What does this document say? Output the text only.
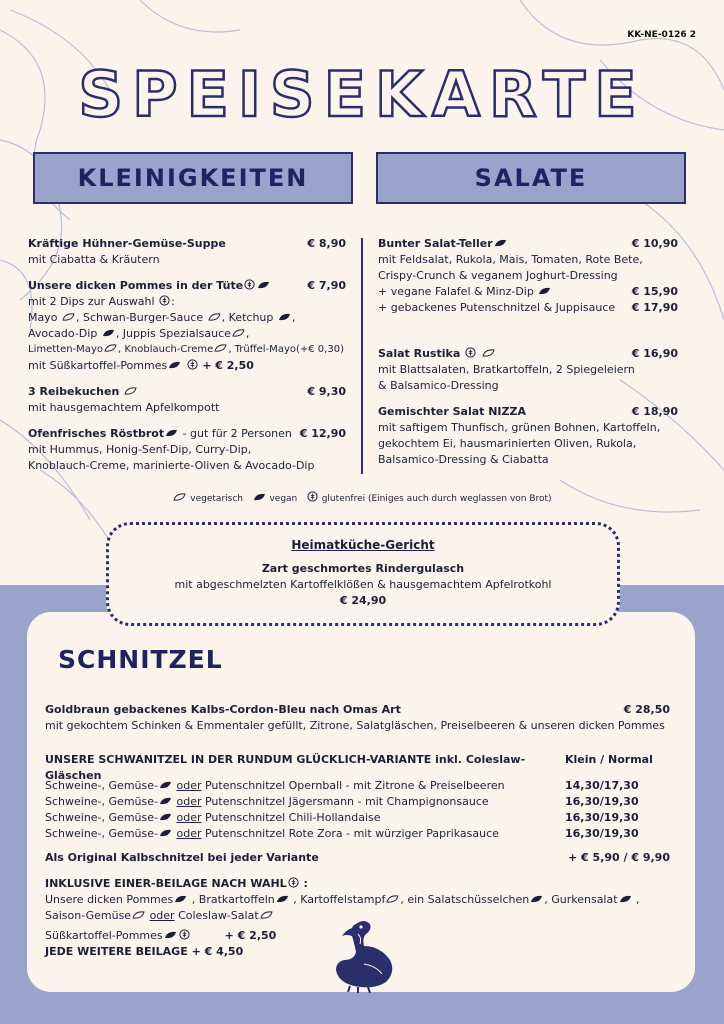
KK-NE-0126 2
SPEISEKARTE
KLEINIGKEITEN	SALATE
Kräftige Hühner-Gemüse-Suppe	€ 8,90
mit Ciabatta & Kräutern
Unsere dicken Pommes in der Tüte	€ 7,90
mit 2 Dips zur Auswahl :
Mayo , Schwan-Burger-Sauce , Ketchup ,
Avocado-Dip , Juppis Spezialsauce ,
Limetten-Mayo , Knoblauch-Creme , Trüffel-Mayo(+€ 0,30)
mit Süßkartoffel-Pommes	+ € 2,50
3 Reibekuchen	€ 9,30
mit hausgemachtem Apfelkompott
Ofenfrisches Röstbrot - gut für 2 Personen € 12,90
mit Hummus, Honig-Senf-Dip, Curry-Dip,
Knoblauch-Creme, marinierte-Oliven & Avocado-Dip
Bunter Salat-Teller	€ 10,90
mit Feldsalat, Rukola, Mais, Tomaten, Rote Bete,
Crispy-Crunch & veganem Joghurt-Dressing
+ vegane Falafel & Minz-Dip	€ 15,90
+ gebackenes Putenschnitzel & Juppisauce € 17,90
Salat Rustika	€ 16,90
mit Blattsalaten, Bratkartoffeln, 2 Spiegeleiern
& Balsamico-Dressing
Gemischter Salat NIZZA	€ 18,90
mit saftigem Thunfisch, grünen Bohnen, Kartoffeln,
gekochtem Ei, hausmarinierten Oliven, Rukola,
Balsamico-Dressing & Ciabatta
vegetarisch	vegan	glutenfrei (Einiges auch durch weglassen von Brot)
Heimatküche-Gericht
Zart geschmortes Rindergulasch
mit abgeschmelzten Kartoffelklößen & hausgemachtem Apfelrotkohl
€ 24,90
SCHNITZEL
Goldbraun gebackenes Kalbs-Cordon-Bleu nach Omas Art	€ 28,50
mit gekochtem Schinken & Emmentaler gefüllt, Zitrone, Salatgläschen, Preiselbeeren & unseren dicken Pommes
UNSERE SCHWANITZEL IN DER RUNDUM GLÜCKLICH-VARIANTE inkl. Coleslaw-Gläschen
Klein / Normal
Schweine-, Gemüse- oder Putenschnitzel Opernball - mit Zitrone & Preiselbeeren	14,30/17,30
Schweine-, Gemüse- oder Putenschnitzel Jägersmann - mit Champignonsauce	16,30/19,30
Schweine-, Gemüse- oder Putenschnitzel Chili-Hollandaise	16,30/19,30
Schweine-, Gemüse- oder Putenschnitzel Rote Zora - mit würziger Paprikasauce	16,30/19,30
Als Original Kalbschnitzel bei jeder Variante	+ € 5,90 / € 9,90
INKLUSIVE EINER-BEILAGE NACH WAHL :
Unsere dicken Pommes , Bratkartoffeln , Kartoffelstampf , ein Salatschüsselchen , Gurkensalat ,
Saison-Gemüse oder Coleslaw-Salat
Süßkartoffel-Pommes	+ € 2,50
JEDE WEITERE BEILAGE + € 4,50
